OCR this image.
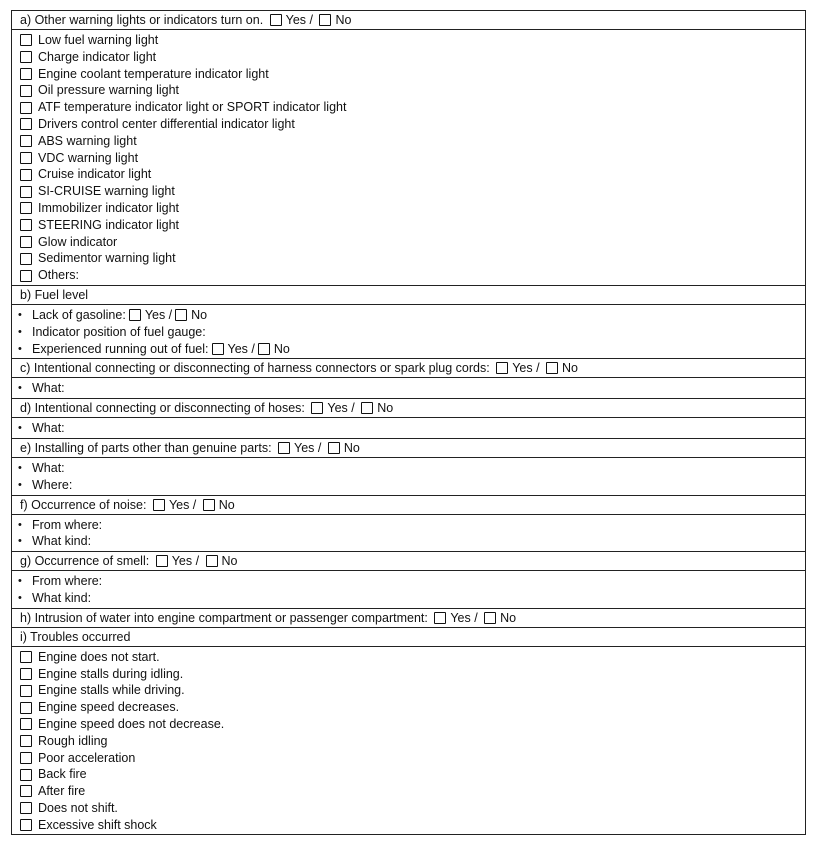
a) Other warning lights or indicators turn on. Yes / No
Low fuel warning light
Charge indicator light
Engine coolant temperature indicator light
Oil pressure warning light
ATF temperature indicator light or SPORT indicator light
Drivers control center differential indicator light
ABS warning light
VDC warning light
Cruise indicator light
SI-CRUISE warning light
Immobilizer indicator light
STEERING indicator light
Glow indicator
Sedimentor warning light
Others:
b) Fuel level
• Lack of gasoline: Yes / No
• Indicator position of fuel gauge:
• Experienced running out of fuel: Yes / No
c) Intentional connecting or disconnecting of harness connectors or spark plug cords: Yes / No
• What:
d) Intentional connecting or disconnecting of hoses: Yes / No
• What:
e) Installing of parts other than genuine parts: Yes / No
• What:
• Where:
f) Occurrence of noise: Yes / No
• From where:
• What kind:
g) Occurrence of smell: Yes / No
• From where:
• What kind:
h) Intrusion of water into engine compartment or passenger compartment: Yes / No
i) Troubles occurred
Engine does not start.
Engine stalls during idling.
Engine stalls while driving.
Engine speed decreases.
Engine speed does not decrease.
Rough idling
Poor acceleration
Back fire
After fire
Does not shift.
Excessive shift shock
